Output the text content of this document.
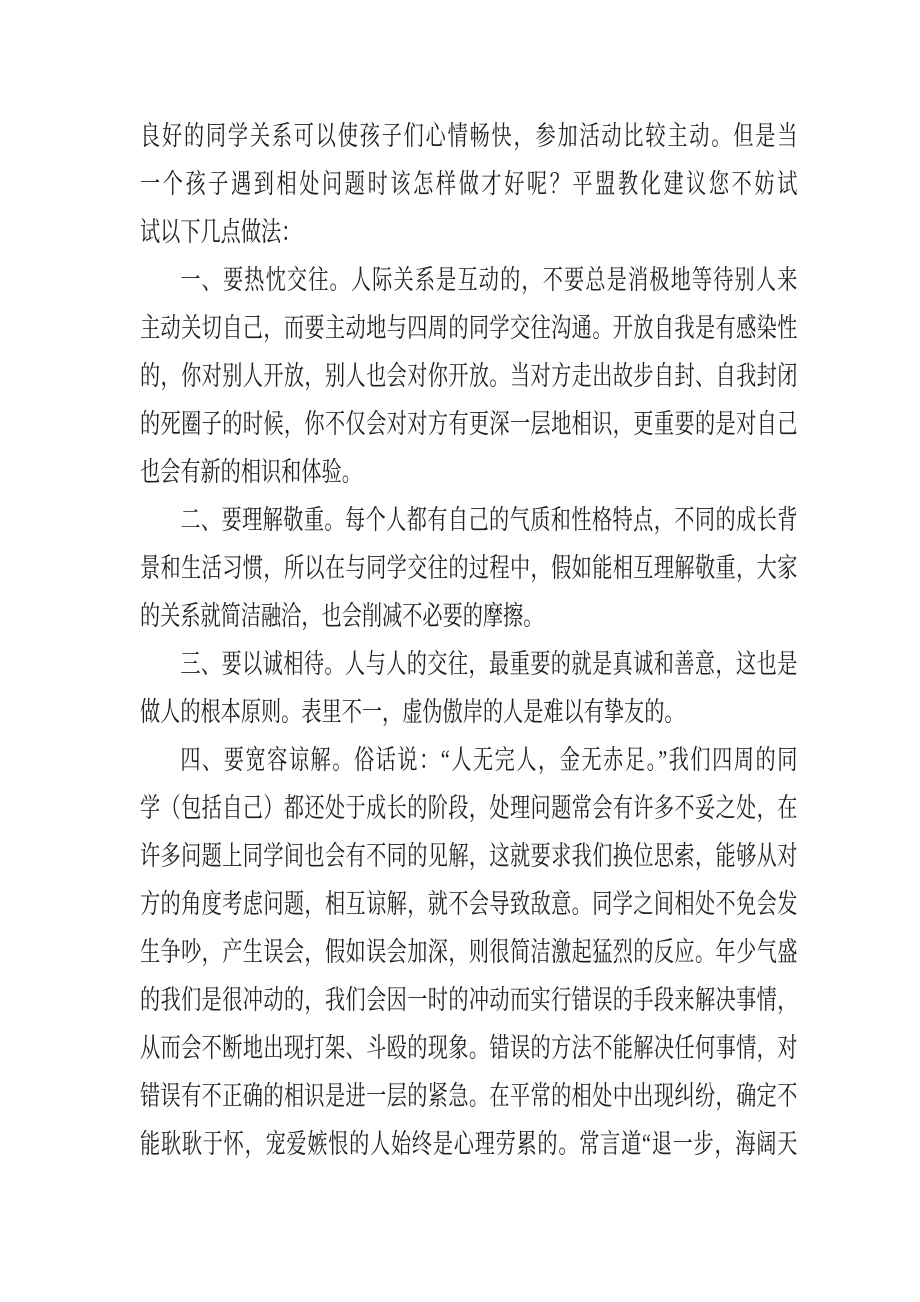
良好的同学关系可以使孩子们心情畅快，参加活动比较主动。但是当
一个孩子遇到相处问题时该怎样做才好呢？平盟教化建议您不妨试
试以下几点做法：
一、要热忱交往。人际关系是互动的，不要总是消极地等待别人来
主动关切自己，而要主动地与四周的同学交往沟通。开放自我是有感染性
的，你对别人开放，别人也会对你开放。当对方走出故步自封、自我封闭
的死圈子的时候，你不仅会对对方有更深一层地相识，更重要的是对自己
也会有新的相识和体验。
二、要理解敬重。每个人都有自己的气质和性格特点，不同的成长背
景和生活习惯，所以在与同学交往的过程中，假如能相互理解敬重，大家
的关系就简洁融洽，也会削减不必要的摩擦。
三、要以诚相待。人与人的交往，最重要的就是真诚和善意，这也是
做人的根本原则。表里不一，虚伪傲岸的人是难以有挚友的。
四、要宽容谅解。俗话说：“人无完人，金无赤足。”我们四周的同
学（包括自己）都还处于成长的阶段，处理问题常会有许多不妥之处，在
许多问题上同学间也会有不同的见解，这就要求我们换位思索，能够从对
方的角度考虑问题，相互谅解，就不会导致敌意。同学之间相处不免会发
生争吵，产生误会，假如误会加深，则很简洁激起猛烈的反应。年少气盛
的我们是很冲动的，我们会因一时的冲动而实行错误的手段来解决事情，
从而会不断地出现打架、斗殴的现象。错误的方法不能解决任何事情，对
错误有不正确的相识是进一层的紧急。在平常的相处中出现纠纷，确定不
能耿耿于怀，宠爱嫉恨的人始终是心理劳累的。常言道“退一步，海阔天
